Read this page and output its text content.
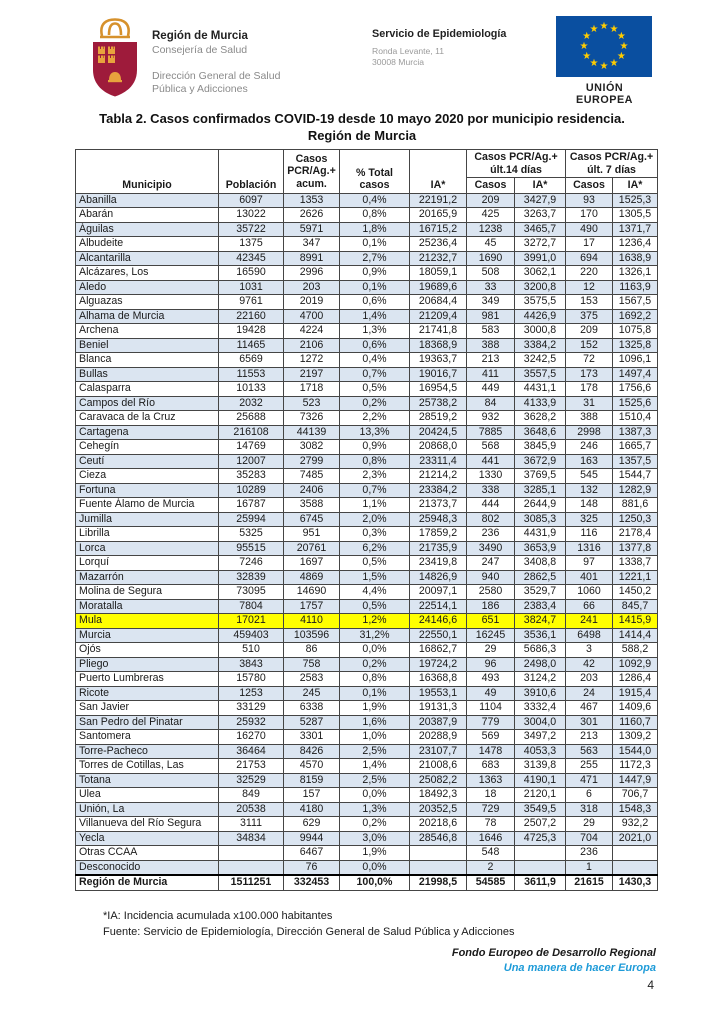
Región de Murcia
Consejería de Salud
Dirección General de Salud Pública y Adicciones
Servicio de Epidemiología
Ronda Levante, 11
30008 Murcia
★ ★
★
★
★
★
★
★
★
★
★
★
UNIÓN EUROPEA
Tabla 2. Casos confirmados COVID-19 desde 10 mayo 2020 por municipio residencia.
Región de Murcia
Municipio	Población	Casos PCR/Ag.+ acum.	% Total casos	IA*	Casos PCR/Ag.+ últ.14 días		Casos PCR/Ag.+ últ. 7 días	
					Casos	IA*	Casos	IA*
Abanilla	6097	1353	0,4%	22191,2	209	3427,9	93	1525,3
Abarán	13022	2626	0,8%	20165,9	425	3263,7	170	1305,5
Águilas	35722	5971	1,8%	16715,2	1238	3465,7	490	1371,7
Albudeite	1375	347	0,1%	25236,4	45	3272,7	17	1236,4
Alcantarilla	42345	8991	2,7%	21232,7	1690	3991,0	694	1638,9
Alcázares, Los	16590	2996	0,9%	18059,1	508	3062,1	220	1326,1
Aledo	1031	203	0,1%	19689,6	33	3200,8	12	1163,9
Alguazas	9761	2019	0,6%	20684,4	349	3575,5	153	1567,5
Alhama de Murcia	22160	4700	1,4%	21209,4	981	4426,9	375	1692,2
Archena	19428	4224	1,3%	21741,8	583	3000,8	209	1075,8
Beniel	11465	2106	0,6%	18368,9	388	3384,2	152	1325,8
Blanca	6569	1272	0,4%	19363,7	213	3242,5	72	1096,1
Bullas	11553	2197	0,7%	19016,7	411	3557,5	173	1497,4
Calasparra	10133	1718	0,5%	16954,5	449	4431,1	178	1756,6
Campos del Río	2032	523	0,2%	25738,2	84	4133,9	31	1525,6
Caravaca de la Cruz	25688	7326	2,2%	28519,2	932	3628,2	388	1510,4
Cartagena	216108	44139	13,3%	20424,5	7885	3648,6	2998	1387,3
Cehegín	14769	3082	0,9%	20868,0	568	3845,9	246	1665,7
Ceutí	12007	2799	0,8%	23311,4	441	3672,9	163	1357,5
Cieza	35283	7485	2,3%	21214,2	1330	3769,5	545	1544,7
Fortuna	10289	2406	0,7%	23384,2	338	3285,1	132	1282,9
Fuente Álamo de Murcia	16787	3588	1,1%	21373,7	444	2644,9	148	881,6
Jumilla	25994	6745	2,0%	25948,3	802	3085,3	325	1250,3
Librilla	5325	951	0,3%	17859,2	236	4431,9	116	2178,4
Lorca	95515	20761	6,2%	21735,9	3490	3653,9	1316	1377,8
Lorquí	7246	1697	0,5%	23419,8	247	3408,8	97	1338,7
Mazarrón	32839	4869	1,5%	14826,9	940	2862,5	401	1221,1
Molina de Segura	73095	14690	4,4%	20097,1	2580	3529,7	1060	1450,2
Moratalla	7804	1757	0,5%	22514,1	186	2383,4	66	845,7
Mula	17021	4110	1,2%	24146,6	651	3824,7	241	1415,9
Murcia	459403	103596	31,2%	22550,1	16245	3536,1	6498	1414,4
Ojós	510	86	0,0%	16862,7	29	5686,3	3	588,2
Pliego	3843	758	0,2%	19724,2	96	2498,0	42	1092,9
Puerto Lumbreras	15780	2583	0,8%	16368,8	493	3124,2	203	1286,4
Ricote	1253	245	0,1%	19553,1	49	3910,6	24	1915,4
San Javier	33129	6338	1,9%	19131,3	1104	3332,4	467	1409,6
San Pedro del Pinatar	25932	5287	1,6%	20387,9	779	3004,0	301	1160,7
Santomera	16270	3301	1,0%	20288,9	569	3497,2	213	1309,2
Torre-Pacheco	36464	8426	2,5%	23107,7	1478	4053,3	563	1544,0
Torres de Cotillas, Las	21753	4570	1,4%	21008,6	683	3139,8	255	1172,3
Totana	32529	8159	2,5%	25082,2	1363	4190,1	471	1447,9
Ulea	849	157	0,0%	18492,3	18	2120,1	6	706,7
Unión, La	20538	4180	1,3%	20352,5	729	3549,5	318	1548,3
Villanueva del Río Segura	3111	629	0,2%	20218,6	78	2507,2	29	932,2
Yecla	34834	9944	3,0%	28546,8	1646	4725,3	704	2021,0
Otras CCAA		6467	1,9%		548		236	
Desconocido		76	0,0%		2		1	
Región de Murcia	1511251	332453	100,0%	21998,5	54585	3611,9	21615	1430,3
*IA: Incidencia acumulada x100.000 habitantes
Fuente: Servicio de Epidemiología, Dirección General de Salud Pública y Adicciones
Fondo Europeo de Desarrollo Regional
Una manera de hacer Europa
4
